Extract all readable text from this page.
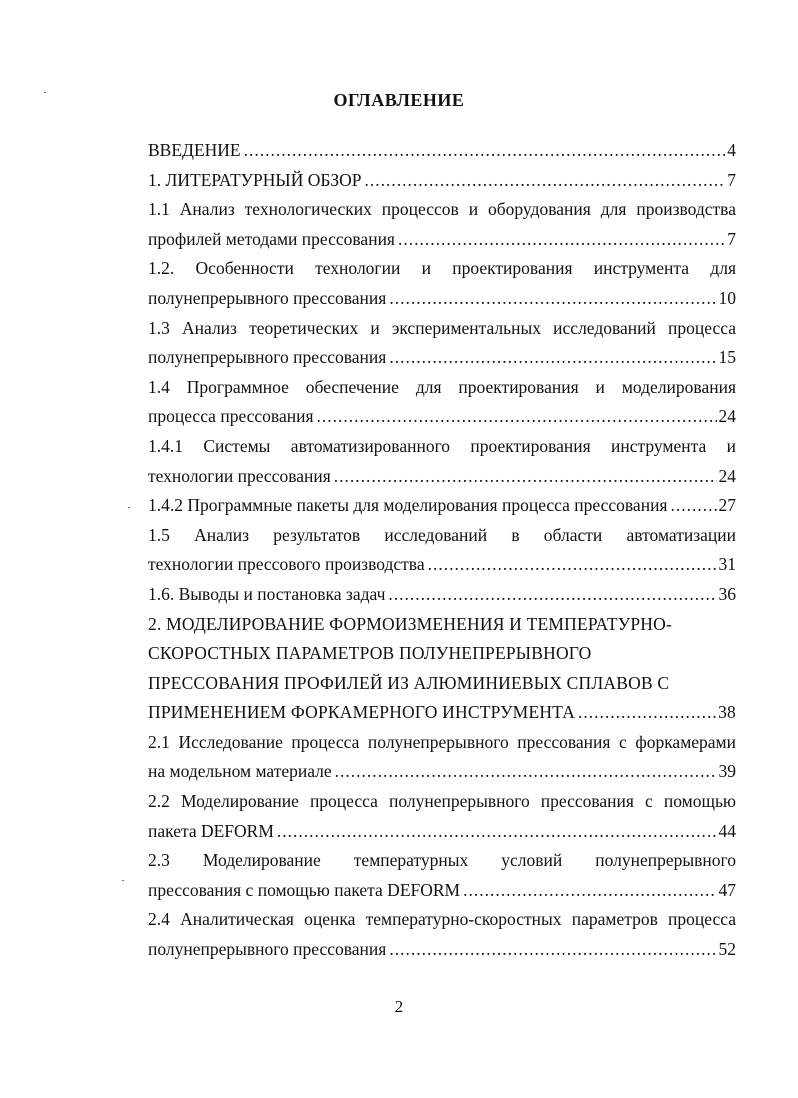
ОГЛАВЛЕНИЕ
ВВЕДЕНИЕ .....	4
1. ЛИТЕРАТУРНЫЙ ОБЗОР .....	7
1.1 Анализ технологических процессов и оборудования для производства
профилей методами прессования .....	7
1.2. Особенности технологии и проектирования инструмента для
полунепрерывного прессования .....	10
1.3 Анализ теоретических и экспериментальных исследований процесса
полунепрерывного прессования .....	15
1.4 Программное обеспечение для проектирования и моделирования
процесса прессования .....	24
1.4.1 Системы автоматизированного проектирования инструмента и
технологии прессования .....	24
1.4.2 Программные пакеты для моделирования процесса прессования .....	27
1.5 Анализ результатов исследований в области автоматизации
технологии прессового производства .....	31
1.6. Выводы и постановка задач .....	36
2. МОДЕЛИРОВАНИЕ ФОРМОИЗМЕНЕНИЯ И ТЕМПЕРАТУРНО-
СКОРОСТНЫХ ПАРАМЕТРОВ ПОЛУНЕПРЕРЫВНОГО
ПРЕССОВАНИЯ ПРОФИЛЕЙ ИЗ АЛЮМИНИЕВЫХ СПЛАВОВ С
ПРИМЕНЕНИЕМ ФОРКАМЕРНОГО ИНСТРУМЕНТА .....	38
2.1 Исследование процесса полунепрерывного прессования с форкамерами
на модельном материале .....	39
2.2 Моделирование процесса полунепрерывного прессования с помощью
пакета DEFORM .....	44
2.3 Моделирование температурных условий полунепрерывного
прессования с помощью пакета DEFORM .....	47
2.4 Аналитическая оценка температурно-скоростных параметров процесса
полунепрерывного прессования .....	52
2
